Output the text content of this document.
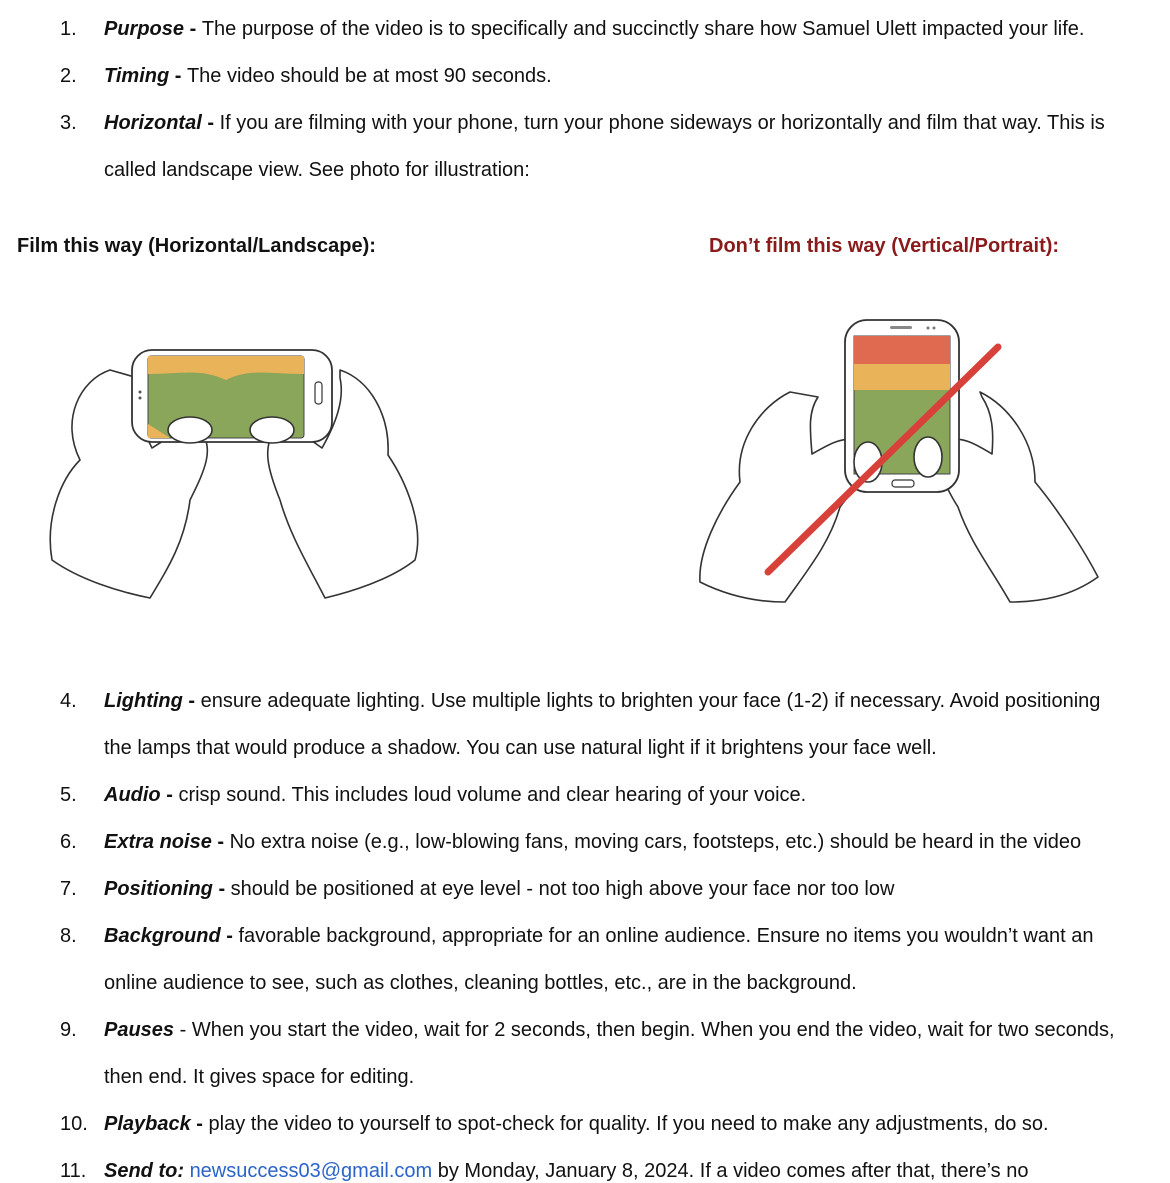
1. Purpose - The purpose of the video is to specifically and succinctly share how Samuel Ulett impacted your life.
2. Timing - The video should be at most 90 seconds.
3. Horizontal - If you are filming with your phone, turn your phone sideways or horizontally and film that way. This is
called landscape view. See photo for illustration:
Film this way (Horizontal/Landscape):	Don’t film this way (Vertical/Portrait):
4. Lighting - ensure adequate lighting. Use multiple lights to brighten your face (1-2) if necessary. Avoid positioning
the lamps that would produce a shadow. You can use natural light if it brightens your face well.
5. Audio - crisp sound. This includes loud volume and clear hearing of your voice.
6. Extra noise - No extra noise (e.g., low-blowing fans, moving cars, footsteps, etc.) should be heard in the video
7. Positioning - should be positioned at eye level - not too high above your face nor too low
8. Background - favorable background, appropriate for an online audience. Ensure no items you wouldn’t want an
online audience to see, such as clothes, cleaning bottles, etc., are in the background.
9. Pauses - When you start the video, wait for 2 seconds, then begin. When you end the video, wait for two seconds,
then end. It gives space for editing.
10. Playback - play the video to yourself to spot-check for quality. If you need to make any adjustments, do so.
11. Send to: newsuccess03@gmail.com by Monday, January 8, 2024. If a video comes after that, there’s no
